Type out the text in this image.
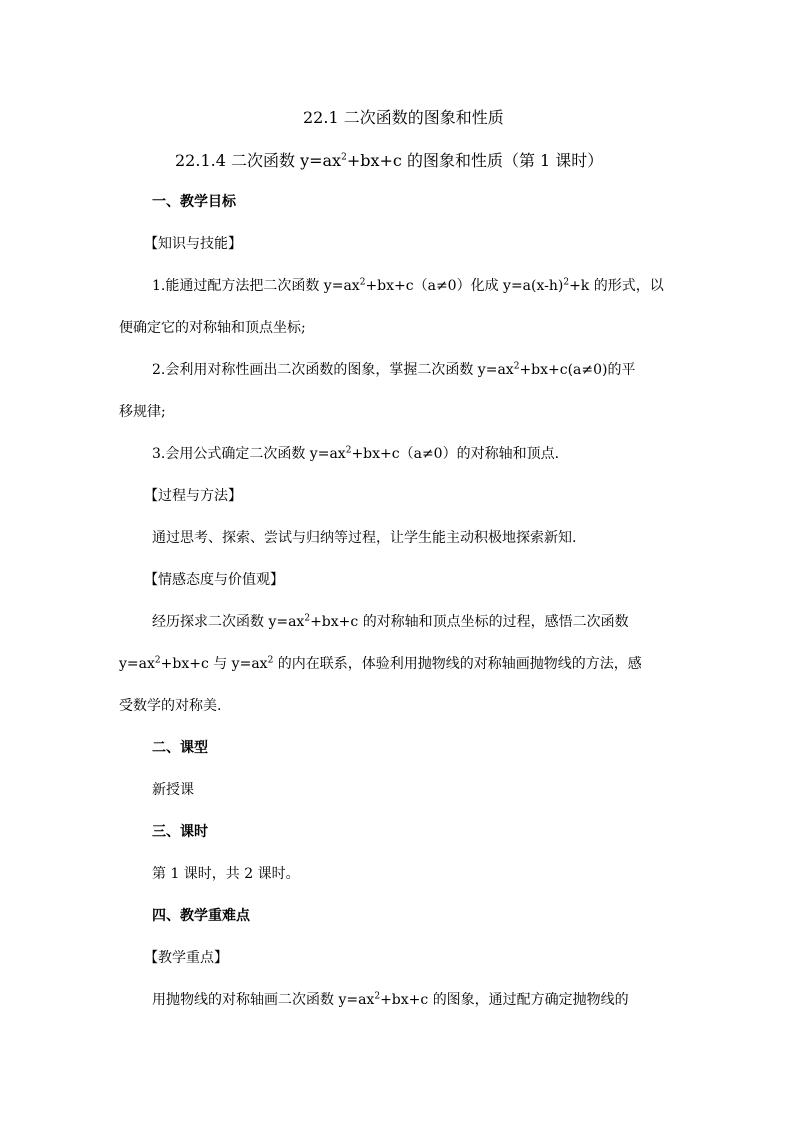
22.1 二次函数的图象和性质
22.1.4 二次函数 $y=ax^2+bx+c$ 的图象和性质（第 1 课时）
一、教学目标
【知识与技能】
1.能通过配方法把二次函数 $y=ax^2+bx+c(a\ne 0)$化成 $y=a(x-h)^2+k$ 的形式，以
便确定它的对称轴和顶点坐标;
2.会利用对称性画出二次函数的图象，掌握二次函数 $y=ax^2+bx+c(a\ne 0)$的平
移规律;
3.会用公式确定二次函数 $y=ax^2+bx+c(a\ne 0)$的对称轴和顶点.
【过程与方法】
通过思考、探索、尝试与归纳等过程，让学生能主动积极地探索新知.
【情感态度与价值观】
经历探求二次函数 $y=ax^2+bx+c$ 的对称轴和顶点坐标的过程，感悟二次函数
$y=ax^2+bx+c$ 与 $y=ax^2$ 的内在联系，体验利用抛物线的对称轴画抛物线的方法，感
受数学的对称美.
二、课型
新授课
三、课时
第 1 课时，共 2 课时。
四、教学重难点
【教学重点】
用抛物线的对称轴画二次函数 $y=ax^2+bx+c$ 的图象，通过配方确定抛物线的
